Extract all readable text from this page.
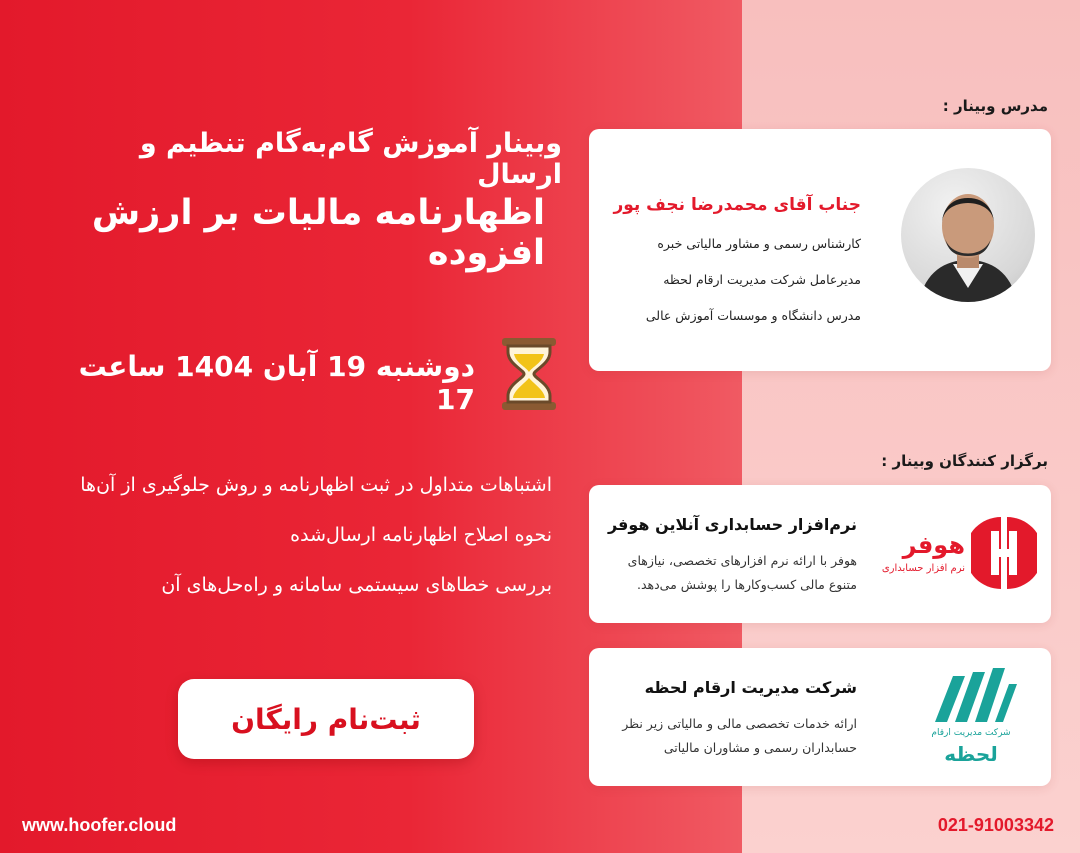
وبینار آموزش گام‌به‌گام تنظیم و ارسال
اظهارنامه مالیات بر ارزش افزوده
دوشنبه 19 آبان 1404 ساعت 17
اشتباهات متداول در ثبت اظهارنامه و روش جلوگیری از آن‌ها
نحوه اصلاح اظهارنامه ارسال‌شده
بررسی خطاهای سیستمی سامانه و راه‌حل‌های آن
ثبت‌نام رایگان
www.hoofer.cloud	021-91003342
مدرس وبینار :
جناب آقای محمدرضا نجف پور
کارشناس رسمی و مشاور مالیاتی خبره
مدیرعامل شرکت مدیریت ارقام لحظه
مدرس دانشگاه و موسسات آموزش عالی
برگزار کنندگان وبینار :
نرم‌افزار حسابداری آنلاین هوفر
هوفر با ارائه نرم افزارهای تخصصی، نیازهای
متنوع مالی کسب‌وکارها را پوشش می‌دهد.
هوفر
نرم افزار حسابداری
شرکت مدیریت ارقام لحظه
ارائه خدمات تخصصی مالی و مالیاتی زیر نظر
حسابداران رسمی و مشاوران مالیاتی
شرکت مدیریت ارقام
لحظه
